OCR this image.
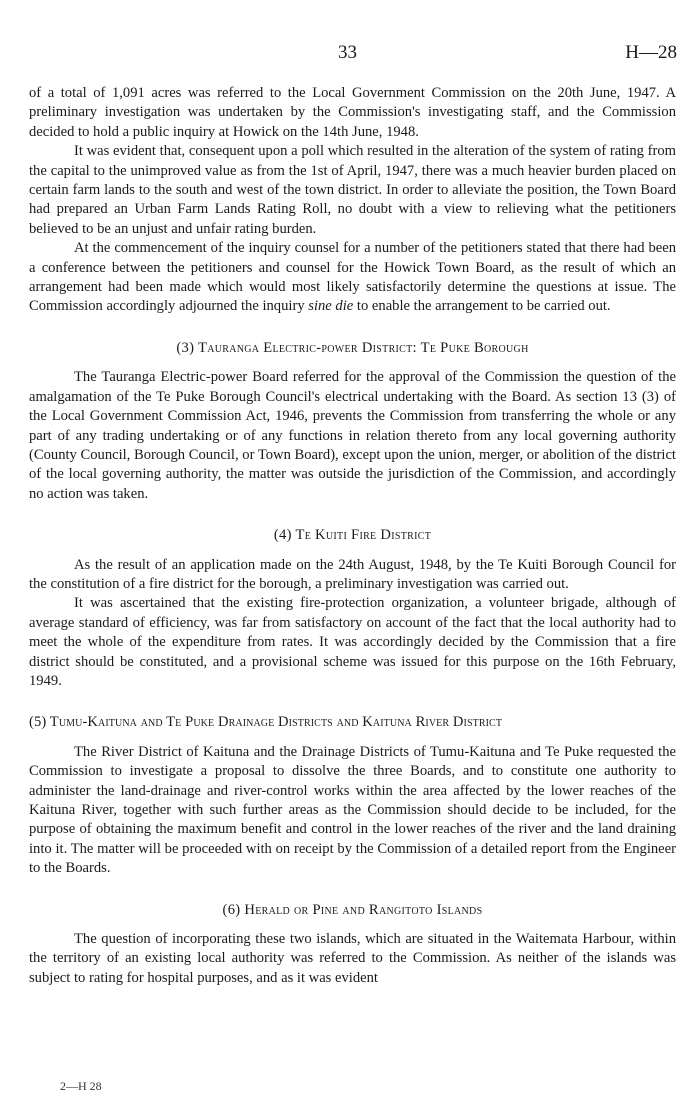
33	H—28

of a total of 1,091 acres was referred to the Local Government Commission on the 20th June, 1947. A preliminary investigation was undertaken by the Commission's investigating staff, and the Commission decided to hold a public inquiry at Howick on the 14th June, 1948.

It was evident that, consequent upon a poll which resulted in the alteration of the system of rating from the capital to the unimproved value as from the 1st of April, 1947, there was a much heavier burden placed on certain farm lands to the south and west of the town district. In order to alleviate the position, the Town Board had prepared an Urban Farm Lands Rating Roll, no doubt with a view to relieving what the petitioners believed to be an unjust and unfair rating burden.

At the commencement of the inquiry counsel for a number of the petitioners stated that there had been a conference between the petitioners and counsel for the Howick Town Board, as the result of which an arrangement had been made which would most likely satisfactorily determine the questions at issue. The Commission accordingly adjourned the inquiry sine die to enable the arrangement to be carried out.

(3) Tauranga Electric-power District: Te Puke Borough

The Tauranga Electric-power Board referred for the approval of the Commission the question of the amalgamation of the Te Puke Borough Council's electrical undertaking with the Board. As section 13 (3) of the Local Government Commission Act, 1946, prevents the Commission from transferring the whole or any part of any trading undertaking or of any functions in relation thereto from any local governing authority (County Council, Borough Council, or Town Board), except upon the union, merger, or abolition of the district of the local governing authority, the matter was outside the jurisdiction of the Commission, and accordingly no action was taken.

(4) Te Kuiti Fire District

As the result of an application made on the 24th August, 1948, by the Te Kuiti Borough Council for the constitution of a fire district for the borough, a preliminary investigation was carried out.

It was ascertained that the existing fire-protection organization, a volunteer brigade, although of average standard of efficiency, was far from satisfactory on account of the fact that the local authority had to meet the whole of the expenditure from rates. It was accordingly decided by the Commission that a fire district should be constituted, and a provisional scheme was issued for this purpose on the 16th February, 1949.

(5) Tumu-Kaituna and Te Puke Drainage Districts and Kaituna River District

The River District of Kaituna and the Drainage Districts of Tumu-Kaituna and Te Puke requested the Commission to investigate a proposal to dissolve the three Boards, and to constitute one authority to administer the land-drainage and river-control works within the area affected by the lower reaches of the Kaituna River, together with such further areas as the Commission should decide to be included, for the purpose of obtaining the maximum benefit and control in the lower reaches of the river and the land draining into it. The matter will be proceeded with on receipt by the Commission of a detailed report from the Engineer to the Boards.

(6) Herald or Pine and Rangitoto Islands

The question of incorporating these two islands, which are situated in the Waitemata Harbour, within the territory of an existing local authority was referred to the Commission. As neither of the islands was subject to rating for hospital purposes, and as it was evident

2—H 28
